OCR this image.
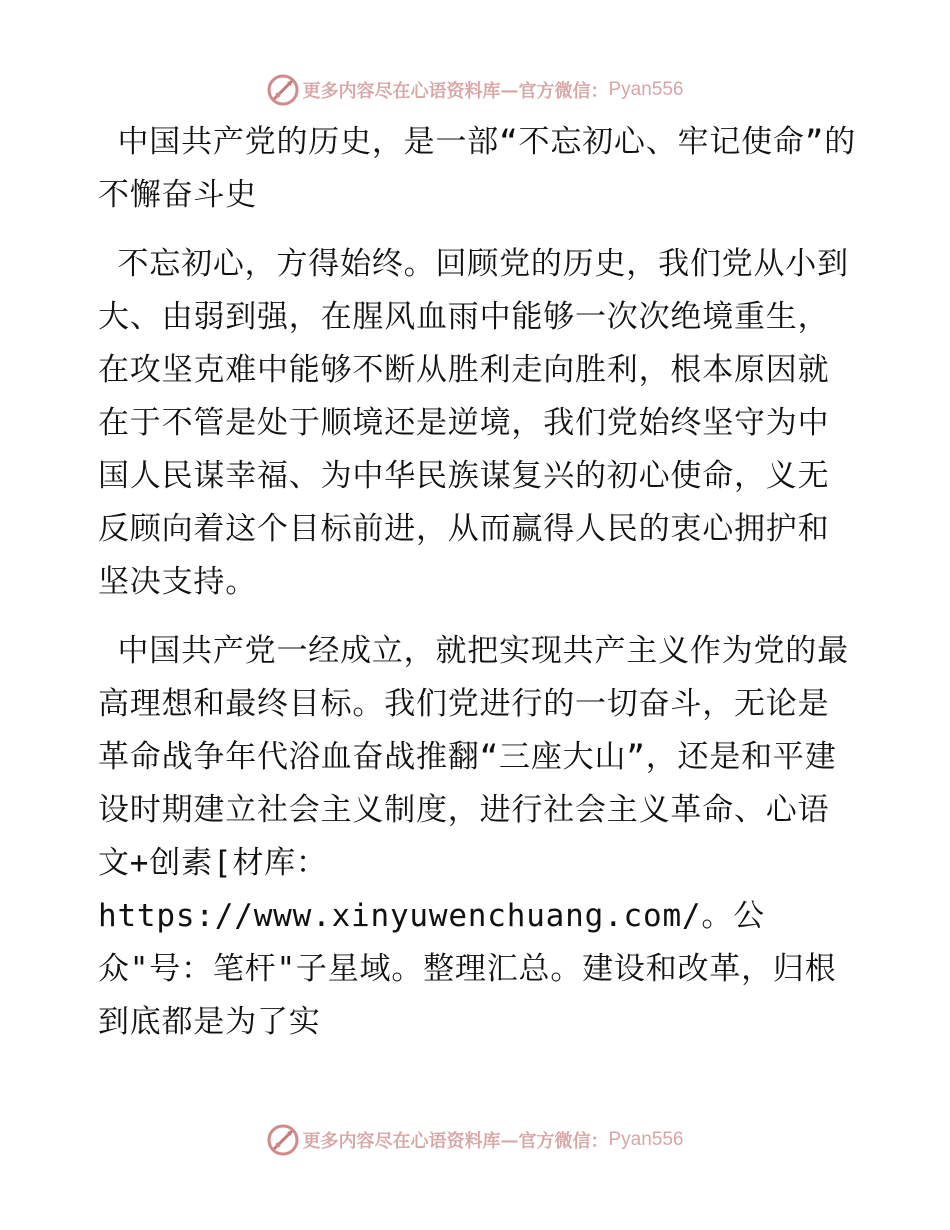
更多内容尽在心语资料库 — 官方微信： Pyan556

中国共产党的历史，是一部“不忘初心、牢记使命”的不懈奋斗史

不忘初心，方得始终。回顾党的历史，我们党从小到大、由弱到强，在腥风血雨中能够一次次绝境重生，在攻坚克难中能够不断从胜利走向胜利，根本原因就在于不管是处于顺境还是逆境，我们党始终坚守为中国人民谋幸福、为中华民族谋复兴的初心使命，义无反顾向着这个目标前进，从而赢得人民的衷心拥护和坚决支持。

中国共产党一经成立，就把实现共产主义作为党的最高理想和最终目标。我们党进行的一切奋斗，无论是革命战争年代浴血奋战推翻“三座大山”，还是和平建设时期建立社会主义制度，进行社会主义革命、心语文+创素[材库：https://www.xinyuwenchuang.com/。公众"号：笔杆"子星域。整理汇总。建设和改革，归根到底都是为了实

更多内容尽在心语资料库 — 官方微信： Pyan556
